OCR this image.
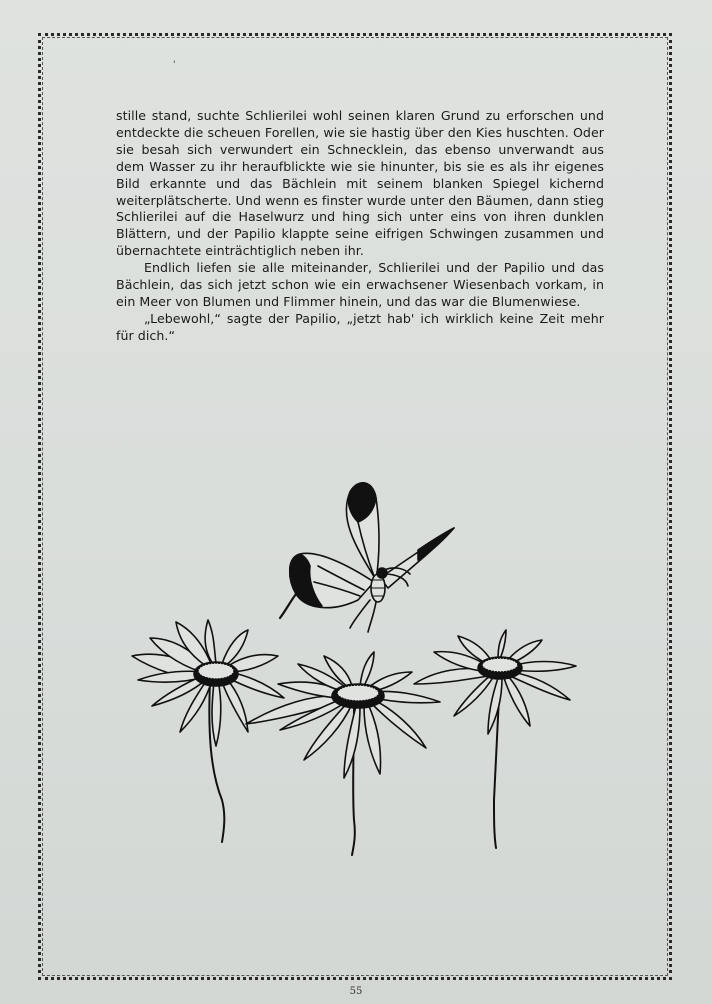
'

stille stand, suchte Schlierilei wohl seinen klaren Grund zu erforschen und entdeckte die scheuen Forellen, wie sie hastig über den Kies huschten. Oder sie besah sich verwundert ein Schnecklein, das ebenso unverwandt aus dem Wasser zu ihr heraufblickte wie sie hinunter, bis sie es als ihr eigenes Bild erkannte und das Bächlein mit seinem blanken Spiegel kichernd weiterplätscherte. Und wenn es finster wurde unter den Bäumen, dann stieg Schlierilei auf die Haselwurz und hing sich unter eins von ihren dunklen Blättern, und der Papilio klappte seine eifrigen Schwingen zusammen und übernachtete einträchtiglich neben ihr.

Endlich liefen sie alle miteinander, Schlierilei und der Papilio und das Bächlein, das sich jetzt schon wie ein erwachsener Wiesenbach vorkam, in ein Meer von Blumen und Flimmer hinein, und das war die Blumenwiese.

„Lebewohl,“ sagte der Papilio, „jetzt hab' ich wirklich keine Zeit mehr für dich.“

55
